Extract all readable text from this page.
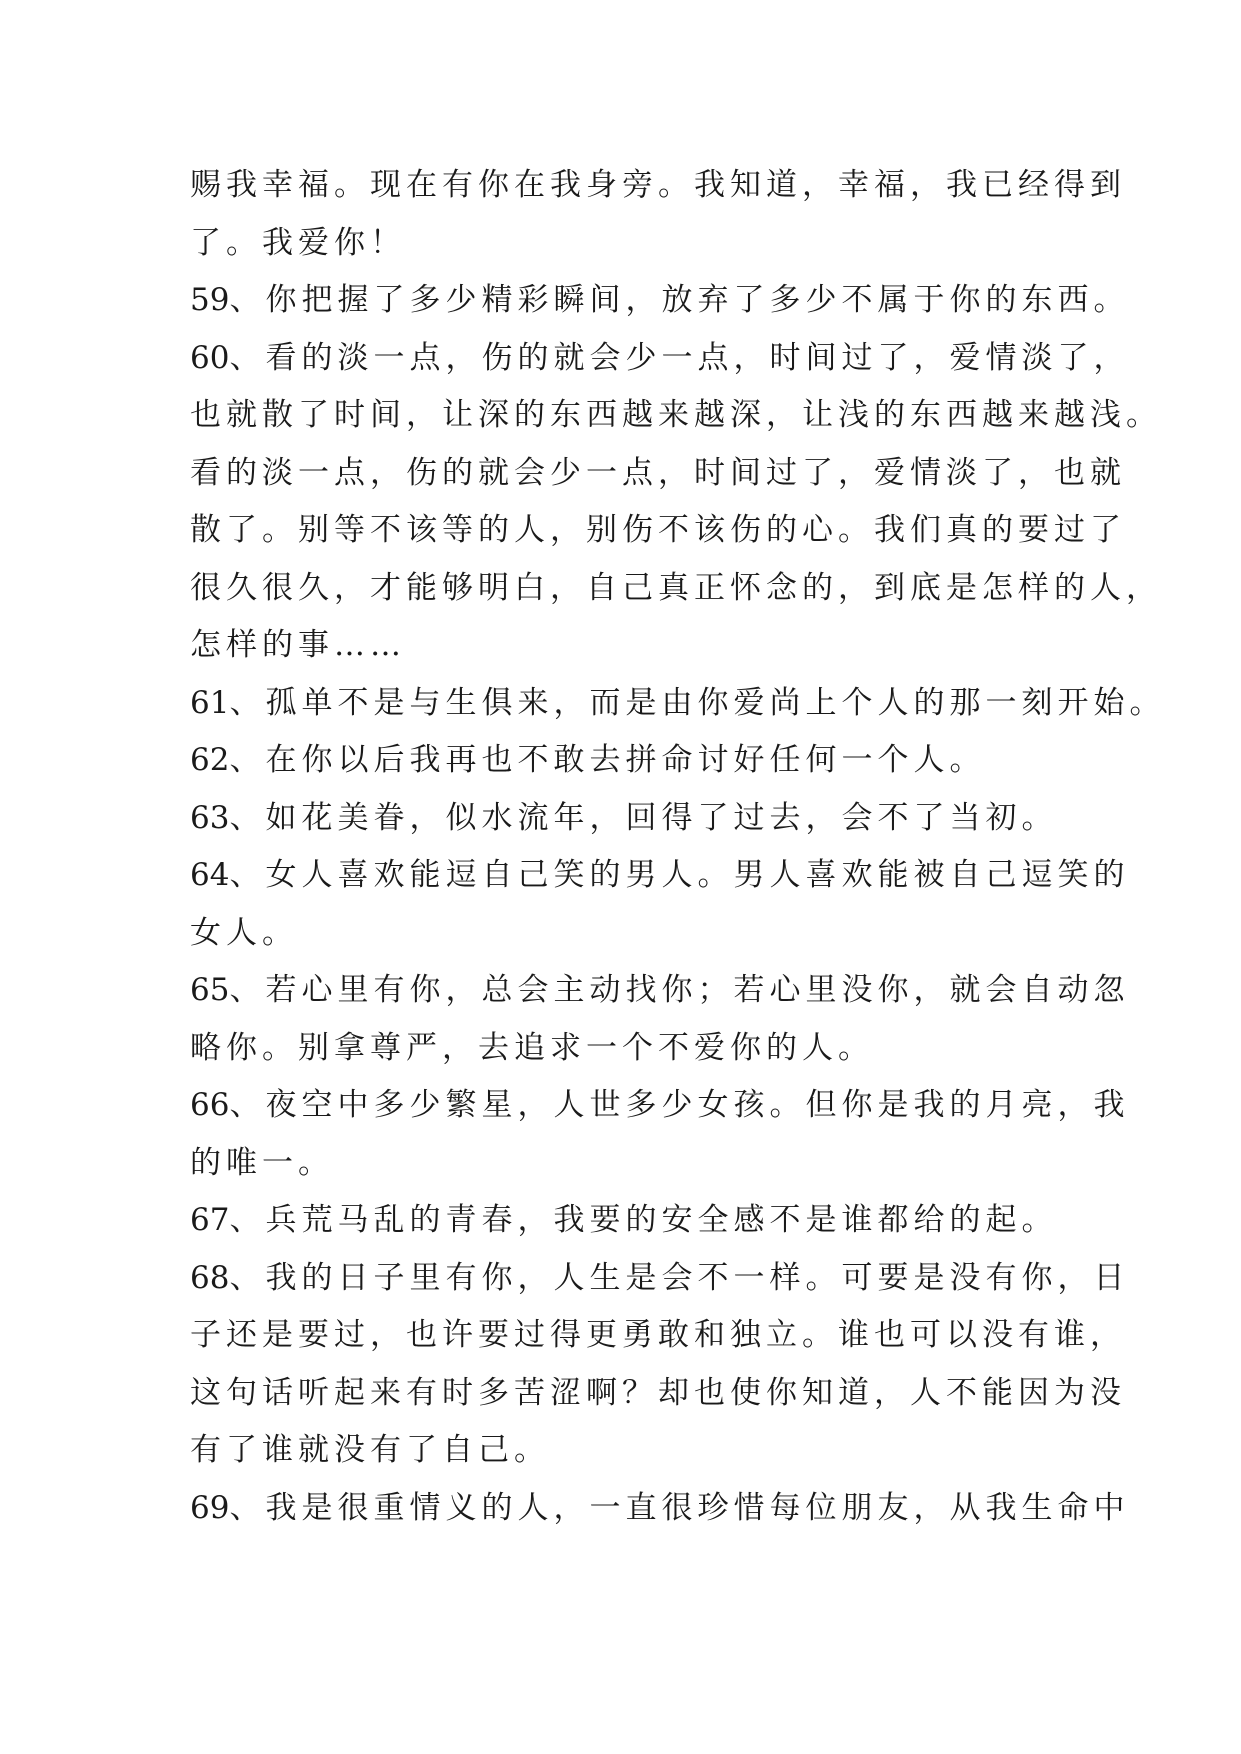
赐我幸福。现在有你在我身旁。我知道，幸福，我已经得到

了。我爱你！

59、你把握了多少精彩瞬间，放弃了多少不属于你的东西。

60、看的淡一点，伤的就会少一点，时间过了，爱情淡了，

也就散了时间，让深的东西越来越深，让浅的东西越来越浅。

看的淡一点，伤的就会少一点，时间过了，爱情淡了，也就

散了。别等不该等的人，别伤不该伤的心。我们真的要过了

很久很久，才能够明白，自己真正怀念的，到底是怎样的人，

怎样的事……

61、孤单不是与生俱来，而是由你爱尚上个人的那一刻开始。

62、在你以后我再也不敢去拼命讨好任何一个人。

63、如花美眷，似水流年，回得了过去，会不了当初。

64、女人喜欢能逗自己笑的男人。男人喜欢能被自己逗笑的

女人。

65、若心里有你，总会主动找你；若心里没你，就会自动忽

略你。别拿尊严，去追求一个不爱你的人。

66、夜空中多少繁星，人世多少女孩。但你是我的月亮，我

的唯一。

67、兵荒马乱的青春，我要的安全感不是谁都给的起。

68、我的日子里有你，人生是会不一样。可要是没有你，日

子还是要过，也许要过得更勇敢和独立。谁也可以没有谁，

这句话听起来有时多苦涩啊？却也使你知道，人不能因为没

有了谁就没有了自己。

69、我是很重情义的人，一直很珍惜每位朋友，从我生命中
